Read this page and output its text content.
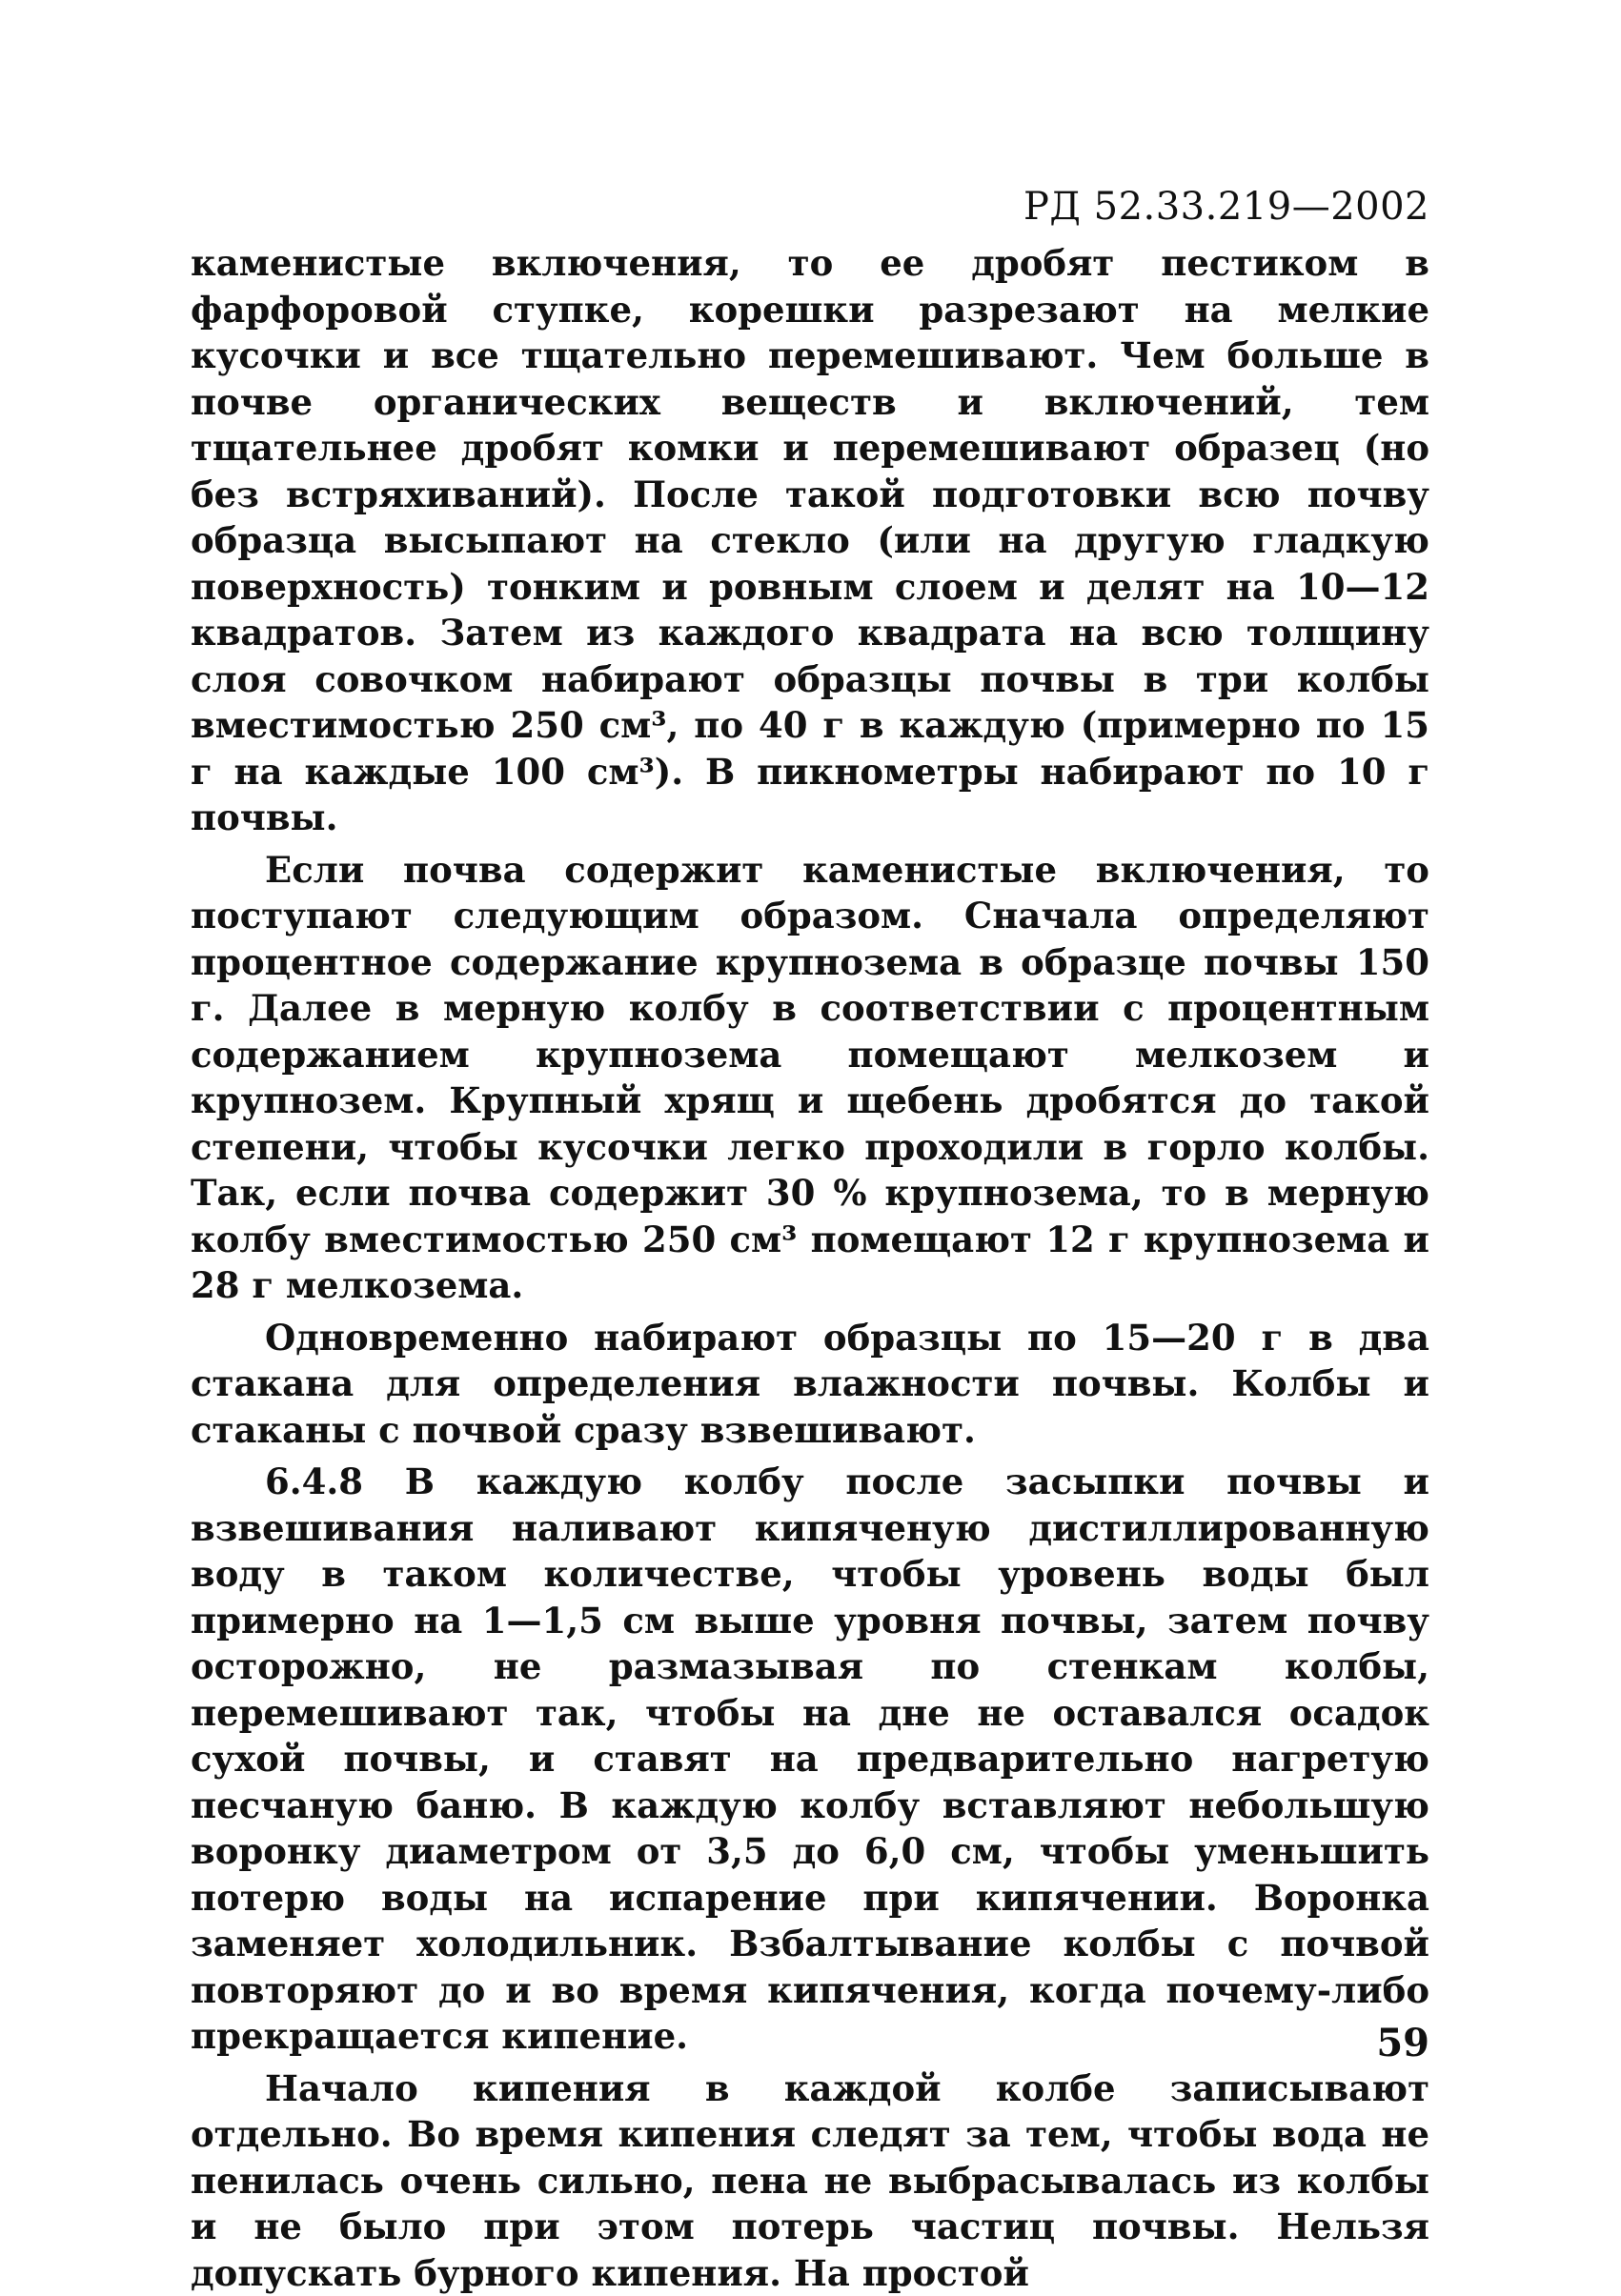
РД 52.33.219—2002

каменистые включения, то ее дробят пестиком в фарфоровой ступке, корешки разрезают на мелкие кусочки и все тщательно перемешивают. Чем больше в почве органических веществ и включений, тем тщательнее дробят комки и перемешивают образец (но без встряхиваний). После такой подготовки всю почву образца высыпают на стекло (или на другую гладкую поверхность) тонким и ровным слоем и делят на 10—12 квадратов. Затем из каждого квадрата на всю толщину слоя совочком набирают образцы почвы в три колбы вместимостью 250 см³, по 40 г в каждую (примерно по 15 г на каждые 100 см³). В пикнометры набирают по 10 г почвы.

Если почва содержит каменистые включения, то поступают следующим образом. Сначала определяют процентное содержание крупнозема в образце почвы 150 г. Далее в мерную колбу в соответствии с процентным содержанием крупнозема помещают мелкозем и крупнозем. Крупный хрящ и щебень дробятся до такой степени, чтобы кусочки легко проходили в горло колбы. Так, если почва содержит 30 % крупнозема, то в мерную колбу вместимостью 250 см³ помещают 12 г крупнозема и 28 г мелкозема.

Одновременно набирают образцы по 15—20 г в два стакана для определения влажности почвы. Колбы и стаканы с почвой сразу взвешивают.

6.4.8 В каждую колбу после засыпки почвы и взвешивания наливают кипяченую дистиллированную воду в таком количестве, чтобы уровень воды был примерно на 1—1,5 см выше уровня почвы, затем почву осторожно, не размазывая по стенкам колбы, перемешивают так, чтобы на дне не оставался осадок сухой почвы, и ставят на предварительно нагретую песчаную баню. В каждую колбу вставляют небольшую воронку диаметром от 3,5 до 6,0 см, чтобы уменьшить потерю воды на испарение при кипячении. Воронка заменяет холодильник. Взбалтывание колбы с почвой повторяют до и во время кипячения, когда почему-либо прекращается кипение.

Начало кипения в каждой колбе записывают отдельно. Во время кипения следят за тем, чтобы вода не пенилась очень сильно, пена не выбрасывалась из колбы и не было при этом потерь частиц почвы. Нельзя допускать бурного кипения. На простой

59
